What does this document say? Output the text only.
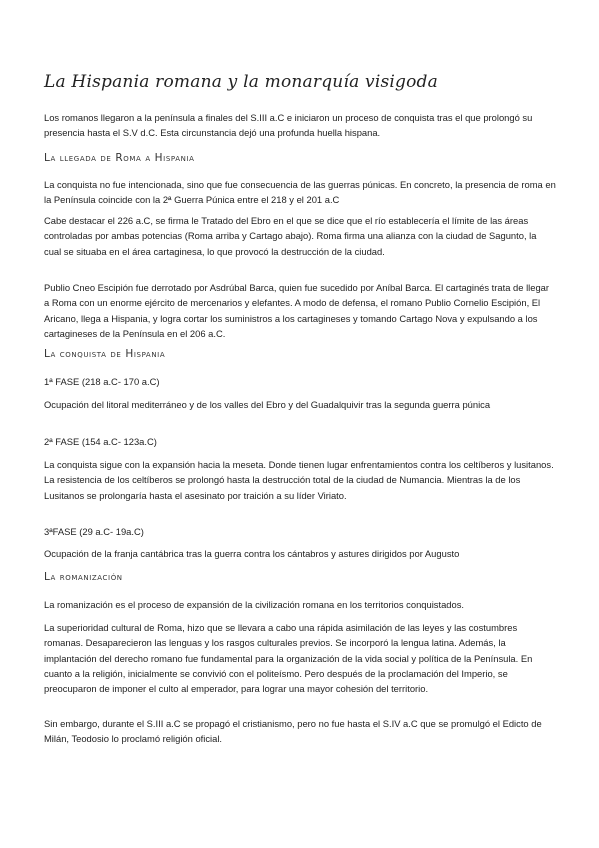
La Hispania romana y la monarquía visigoda

Los romanos llegaron a la península a finales del S.III a.C e iniciaron un proceso de conquista tras el que prolongó su presencia hasta el S.V d.C. Esta circunstancia dejó una profunda huella hispana.

La llegada de Roma a Hispania

La conquista no fue intencionada, sino que fue consecuencia de las guerras púnicas. En concreto, la presencia de roma en la Península coincide con la 2ª Guerra Púnica entre el 218 y el 201 a.C

Cabe destacar el 226 a.C, se firma le Tratado del Ebro en el que se dice que el río establecería el límite de las áreas controladas por ambas potencias (Roma arriba y Cartago abajo). Roma firma una alianza con la ciudad de Sagunto, la cual se situaba en el área cartaginesa, lo que provocó la destrucción de la ciudad.

Publio Cneo Escipión fue derrotado por Asdrúbal Barca, quien fue sucedido por Aníbal Barca. El cartaginés trata de llegar a Roma con un enorme ejército de mercenarios y elefantes. A modo de defensa, el romano Publio Cornelio Escipión, El Aricano, llega a Hispania, y logra cortar los suministros a los cartagineses y tomando Cartago Nova y expulsando a los cartagineses de la Península en el 206 a.C.

La conquista de Hispania

1ª FASE (218 a.C- 170 a.C)

Ocupación del litoral mediterráneo y de los valles del Ebro y del Guadalquivir tras la segunda guerra púnica

2ª FASE (154 a.C- 123a.C)

La conquista sigue con la expansión hacia la meseta. Donde tienen lugar enfrentamientos contra los celtíberos y lusitanos. La resistencia de los celtíberos se prolongó hasta la destrucción total de la ciudad de Numancia. Mientras la de los Lusitanos se prolongaría hasta el asesinato por traición a su líder Viriato.

3ªFASE (29 a.C- 19a.C)

Ocupación de la franja cantábrica tras la guerra contra los cántabros y astures dirigidos por Augusto

La romanización

La romanización es el proceso de expansión de la civilización romana en los territorios conquistados.

La superioridad cultural de Roma, hizo que se llevara a cabo una rápida asimilación de las leyes y las costumbres romanas. Desaparecieron las lenguas y los rasgos culturales previos. Se incorporó la lengua latina. Además, la implantación del derecho romano fue fundamental para la organización de la vida social y política de la Península. En cuanto a la religión, inicialmente se convivió con el politeísmo. Pero después de la proclamación del Imperio, se preocuparon de imponer el culto al emperador, para lograr una mayor cohesión del territorio.

Sin embargo, durante el S.III a.C se propagó el cristianismo, pero no fue hasta el S.IV a.C que se promulgó el Edicto de Milán, Teodosio lo proclamó religión oficial.
